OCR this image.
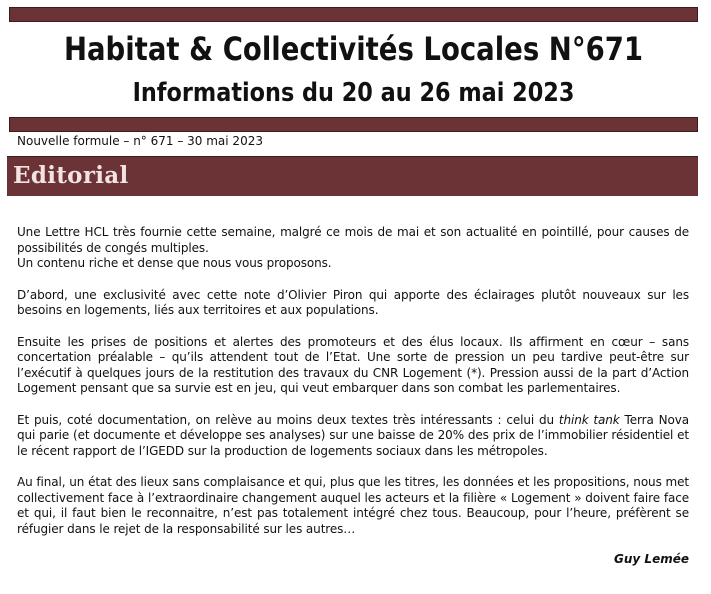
Habitat & Collectivités Locales N°671
Informations du 20 au 26 mai 2023
Nouvelle formule – n° 671 – 30 mai 2023
Editorial

Une Lettre HCL très fournie cette semaine, malgré ce mois de mai et son actualité en pointillé, pour causes de possibilités de congés multiples.
Un contenu riche et dense que nous vous proposons.

D’abord, une exclusivité avec cette note d’Olivier Piron qui apporte des éclairages plutôt nouveaux sur les besoins en logements, liés aux territoires et aux populations.

Ensuite les prises de positions et alertes des promoteurs et des élus locaux. Ils affirment en cœur – sans concertation préalable – qu’ils attendent tout de l’Etat. Une sorte de pression un peu tardive peut-être sur l’exécutif à quelques jours de la restitution des travaux du CNR Logement (*). Pression aussi de la part d’Action Logement pensant que sa survie est en jeu, qui veut embarquer dans son combat les parlementaires.

Et puis, coté documentation, on relève au moins deux textes très intéressants : celui du think tank Terra Nova qui parie (et documente et développe ses analyses) sur une baisse de 20% des prix de l’immobilier résidentiel et le récent rapport de l’IGEDD sur la production de logements sociaux dans les métropoles.

Au final, un état des lieux sans complaisance et qui, plus que les titres, les données et les propositions, nous met collectivement face à l’extraordinaire changement auquel les acteurs et la filière « Logement » doivent faire face et qui, il faut bien le reconnaitre, n’est pas totalement intégré chez tous. Beaucoup, pour l’heure, préfèrent se réfugier dans le rejet de la responsabilité sur les autres…

Guy Lemée
